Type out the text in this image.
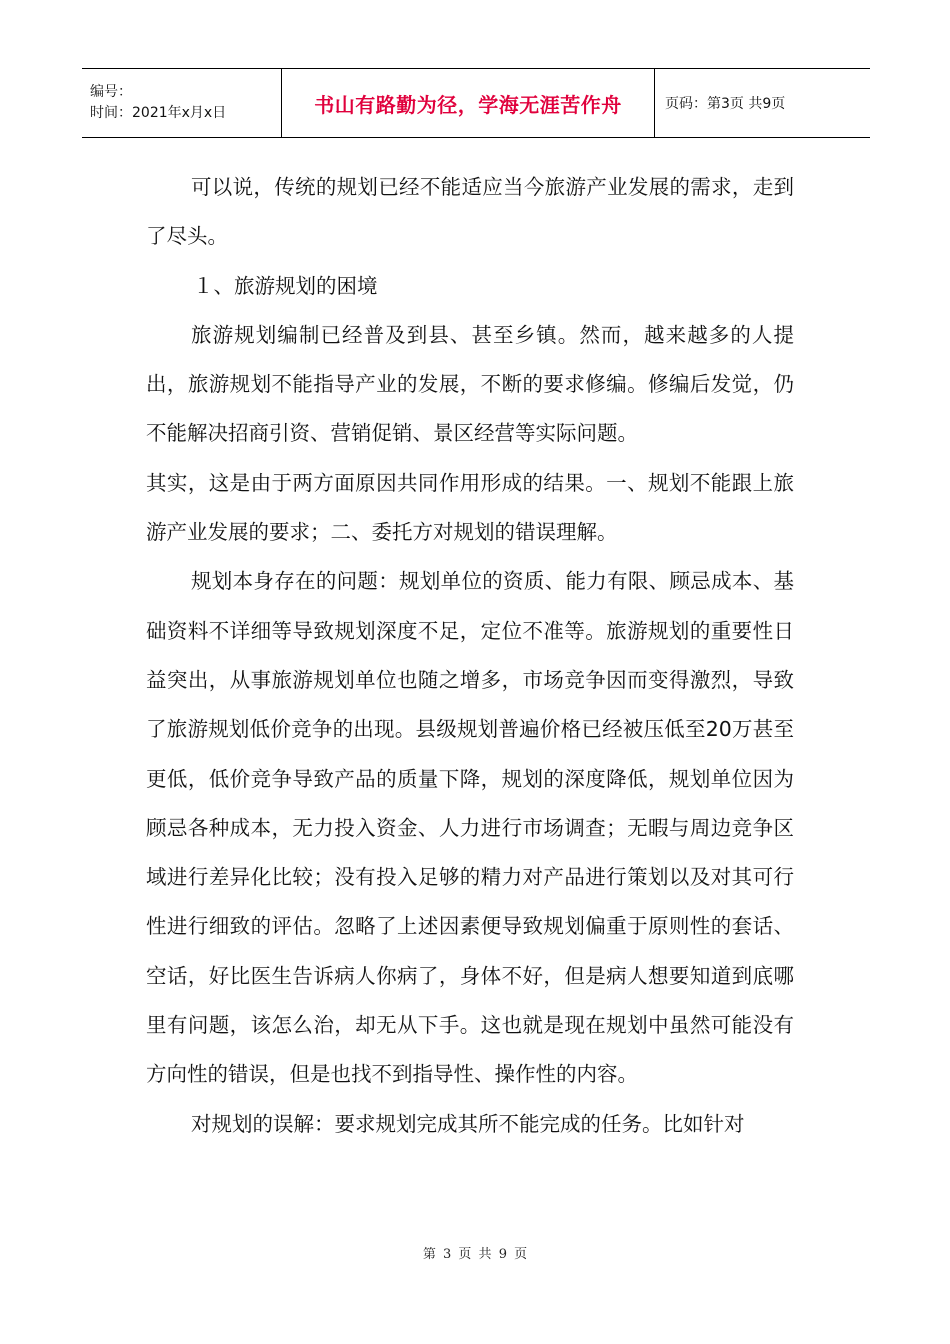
编号：
时间：2021年x月x日	书山有路勤为径，学海无涯苦作舟	页码：第3页 共9页

可以说，传统的规划已经不能适应当今旅游产业发展的需求，走到了尽头。

１、旅游规划的困境

旅游规划编制已经普及到县、甚至乡镇。然而，越来越多的人提出，旅游规划不能指导产业的发展，不断的要求修编。修编后发觉，仍不能解决招商引资、营销促销、景区经营等实际问题。

其实，这是由于两方面原因共同作用形成的结果。一、规划不能跟上旅游产业发展的要求；二、委托方对规划的错误理解。

规划本身存在的问题：规划单位的资质、能力有限、顾忌成本、基础资料不详细等导致规划深度不足，定位不准等。旅游规划的重要性日益突出，从事旅游规划单位也随之增多，市场竞争因而变得激烈，导致了旅游规划低价竞争的出现。县级规划普遍价格已经被压低至20万甚至更低，低价竞争导致产品的质量下降，规划的深度降低，规划单位因为顾忌各种成本，无力投入资金、人力进行市场调查；无暇与周边竞争区域进行差异化比较；没有投入足够的精力对产品进行策划以及对其可行性进行细致的评估。忽略了上述因素便导致规划偏重于原则性的套话、空话，好比医生告诉病人你病了，身体不好，但是病人想要知道到底哪里有问题，该怎么治，却无从下手。这也就是现在规划中虽然可能没有方向性的错误，但是也找不到指导性、操作性的内容。

对规划的误解：要求规划完成其所不能完成的任务。比如针对

第 3 页 共 9 页
